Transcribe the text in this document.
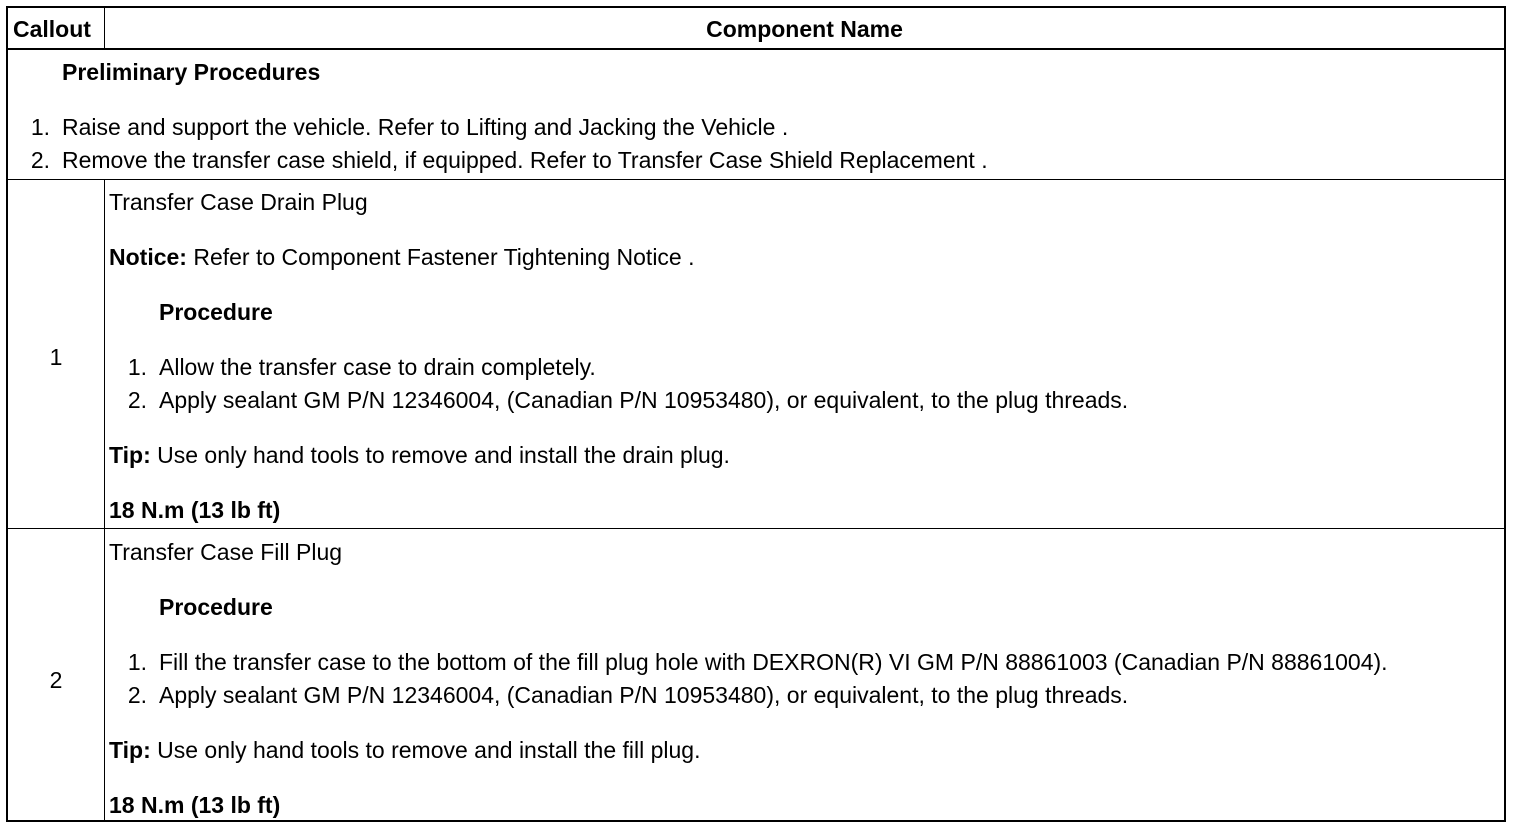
Callout	Component Name
Preliminary Procedures
1. Raise and support the vehicle. Refer to Lifting and Jacking the Vehicle .
2. Remove the transfer case shield, if equipped. Refer to Transfer Case Shield Replacement .
1
Transfer Case Drain Plug
Notice: Refer to Component Fastener Tightening Notice .
Procedure
1. Allow the transfer case to drain completely.
2. Apply sealant GM P/N 12346004, (Canadian P/N 10953480), or equivalent, to the plug threads.
Tip: Use only hand tools to remove and install the drain plug.
18 N.m (13 lb ft)
2
Transfer Case Fill Plug
Procedure
1. Fill the transfer case to the bottom of the fill plug hole with DEXRON(R) VI GM P/N 88861003 (Canadian P/N 88861004).
2. Apply sealant GM P/N 12346004, (Canadian P/N 10953480), or equivalent, to the plug threads.
Tip: Use only hand tools to remove and install the fill plug.
18 N.m (13 lb ft)
